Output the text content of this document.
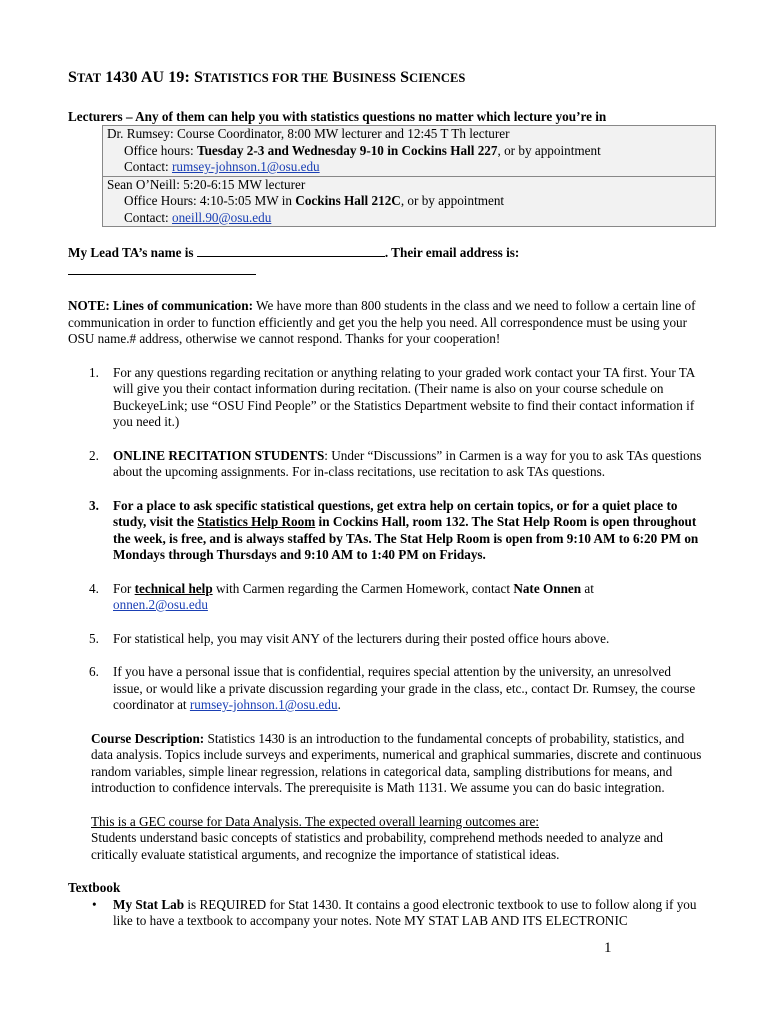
STAT 1430 AU 19: STATISTICS FOR THE BUSINESS SCIENCES
Lecturers – Any of them can help you with statistics questions no matter which lecture you’re in
Dr. Rumsey: Course Coordinator, 8:00 MW lecturer and 12:45 T Th lecturer
Office hours: Tuesday 2-3 and Wednesday 9-10 in Cockins Hall 227, or by appointment
Contact: rumsey-johnson.1@osu.edu
Sean O’Neill: 5:20-6:15 MW lecturer
Office Hours: 4:10-5:05 MW in Cockins Hall 212C, or by appointment
Contact: oneill.90@osu.edu
My Lead TA’s name is	. Their email address is:

NOTE: Lines of communication: We have more than 800 students in the class and we need to follow a certain line of communication in order to function efficiently and get you the help you need. All correspondence must be using your OSU name.# address, otherwise we cannot respond. Thanks for your cooperation!
1. For any questions regarding recitation or anything relating to your graded work contact your TA first. Your TA will give you their contact information during recitation. (Their name is also on your course schedule on BuckeyeLink; use “OSU Find People” or the Statistics Department website to find their contact information if you need it.)
2. ONLINE RECITATION STUDENTS: Under “Discussions” in Carmen is a way for you to ask TAs questions about the upcoming assignments. For in-class recitations, use recitation to ask TAs questions.
3. For a place to ask specific statistical questions, get extra help on certain topics, or for a quiet place to study, visit the Statistics Help Room in Cockins Hall, room 132. The Stat Help Room is open throughout the week, is free, and is always staffed by TAs. The Stat Help Room is open from 9:10 AM to 6:20 PM on Mondays through Thursdays and 9:10 AM to 1:40 PM on Fridays.
4. For technical help with Carmen regarding the Carmen Homework, contact Nate Onnen at
onnen.2@osu.edu
5. For statistical help, you may visit ANY of the lecturers during their posted office hours above.
6. If you have a personal issue that is confidential, requires special attention by the university, an unresolved issue, or would like a private discussion regarding your grade in the class, etc., contact Dr. Rumsey, the course coordinator at rumsey-johnson.1@osu.edu.
Course Description: Statistics 1430 is an introduction to the fundamental concepts of probability, statistics, and data analysis. Topics include surveys and experiments, numerical and graphical summaries, discrete and continuous random variables, simple linear regression, relations in categorical data, sampling distributions for means, and introduction to confidence intervals. The prerequisite is Math 1131. We assume you can do basic integration.
This is a GEC course for Data Analysis. The expected overall learning outcomes are:
Students understand basic concepts of statistics and probability, comprehend methods needed to analyze and critically evaluate statistical arguments, and recognize the importance of statistical ideas.
Textbook
• My Stat Lab is REQUIRED for Stat 1430. It contains a good electronic textbook to use to follow along if you like to have a textbook to accompany your notes. Note MY STAT LAB AND ITS ELECTRONIC
1
